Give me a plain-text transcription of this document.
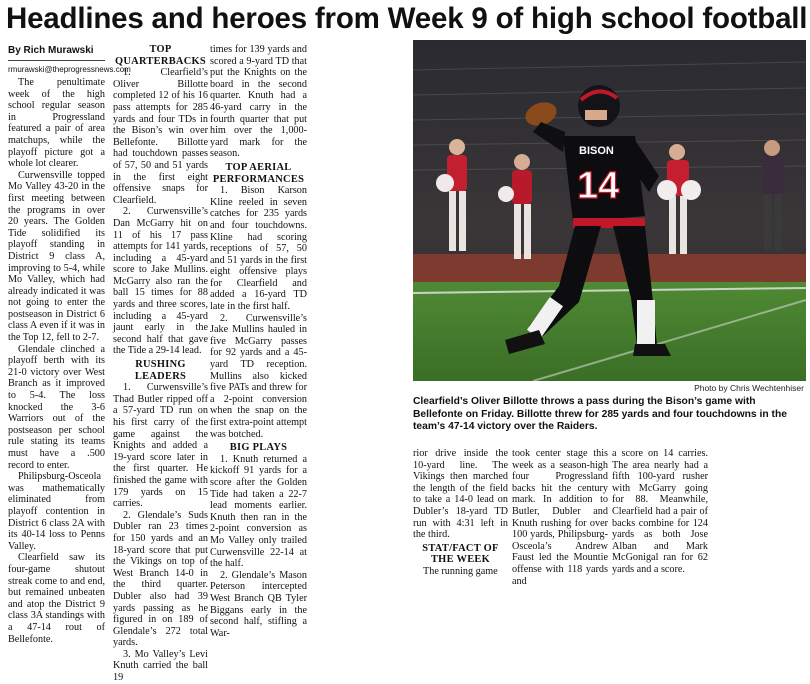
Headlines and heroes from Week 9 of high school football

By Rich Murawski

rmurawski@theprogressnews.com

The penultimate week of the high school regular season in Progressland featured a pair of area matchups, while the playoff picture got a whole lot clearer.

Curwensville topped Mo Valley 43-20 in the first meeting between the programs in over 20 years. The Golden Tide solidified its playoff standing in District 9 class A, improving to 5-4, while Mo Valley, which had already indicated it was not going to enter the postseason in District 6 class A even if it was in the Top 12, fell to 2-7.

Glendale clinched a playoff berth with its 21-0 victory over West Branch as it improved to 5-4. The loss knocked the 3-6 Warriors out of the postseason per school rule stating its teams must have a .500 record to enter.

Philipsburg-Osceola was mathematically eliminated from playoff contention in District 6 class 2A with its 40-14 loss to Penns Valley.

Clearfield saw its four-game shutout streak come to and end, but remained unbeaten and atop the District 9 class 3A standings with a 47-14 rout of Bellefonte.

TOP QUARTERBACKS

1. Clearfield’s Oliver Billotte completed 12 of his 16 pass attempts for 285 yards and four TDs in the Bison’s win over Bellefonte. Billotte had touchdown passes of 57, 50 and 51 yards in the first eight offensive snaps for Clearfield.

2. Curwensville’s Dan McGarry hit on 11 of his 17 pass attempts for 141 yards, including a 45-yard score to Jake Mullins. McGarry also ran the ball 15 times for 88 yards and three scores, including a 45-yard jaunt early in the second half that gave the Tide a 29-14 lead.

RUSHING LEADERS

1. Curwensville’s Thad Butler ripped off a 57-yard TD run on his first carry of the game against the Knights and added a 19-yard score later in the first quarter. He finished the game with 179 yards on 15 carries.

2. Glendale’s Suds Dubler ran 23 times for 150 yards and an 18-yard score that put the Vikings on top of West Branch 14-0 in the third quarter. Dubler also had 39 yards passing as he figured in on 189 of Glendale’s 272 total yards.

3. Mo Valley’s Levi Knuth carried the ball 19

times for 139 yards and scored a 9-yard TD that put the Knights on the board in the second quarter. Knuth had a 46-yard carry in the fourth quarter that put him over the 1,000-yard mark for the season.

TOP AERIAL PERFORMANCES

1. Bison Karson Kline reeled in seven catches for 235 yards and four touchdowns. Kline had scoring receptions of 57, 50 and 51 yards in the first eight offensive plays for Clearfield and added a 16-yard TD late in the first half.

2. Curwensville’s Jake Mullins hauled in five McGarry passes for 92 yards and a 45-yard TD reception. Mullins also kicked five PATs and threw for a 2-point conversion when the snap on the first extra-point attempt was botched.

BIG PLAYS

1. Knuth returned a kickoff 91 yards for a score after the Golden Tide had taken a 22-7 lead moments earlier. Knuth then ran in the 2-point conversion as Mo Valley only trailed Curwensville 22-14 at the half.

2. Glendale’s Mason Peterson intercepted West Branch QB Tyler Biggans early in the second half, stifling a War-

BISON
14
Photo by Chris Wechtenhiser
Clearfield’s Oliver Billotte throws a pass during the Bison’s game with Bellefonte on Friday. Billotte threw for 285 yards and four touchdowns in the team’s 47-14 victory over the Raiders.

rior drive inside the 10-yard line. The Vikings then marched the length of the field to take a 14-0 lead on Dubler’s 18-yard TD run with 4:31 left in the third.

STAT/FACT OF THE WEEK

The running game

took center stage this week as a season-high four Progressland backs hit the century mark. In addition to Butler, Dubler and Knuth rushing for over 100 yards, Philipsburg-Osceola’s Andrew Faust led the Mountie offense with 118 yards and

a score on 14 carries. The area nearly had a fifth 100-yard rusher with McGarry going for 88. Meanwhile, Clearfield had a pair of backs combine for 124 yards as both Jose Alban and Mark McGonigal ran for 62 yards and a score.
